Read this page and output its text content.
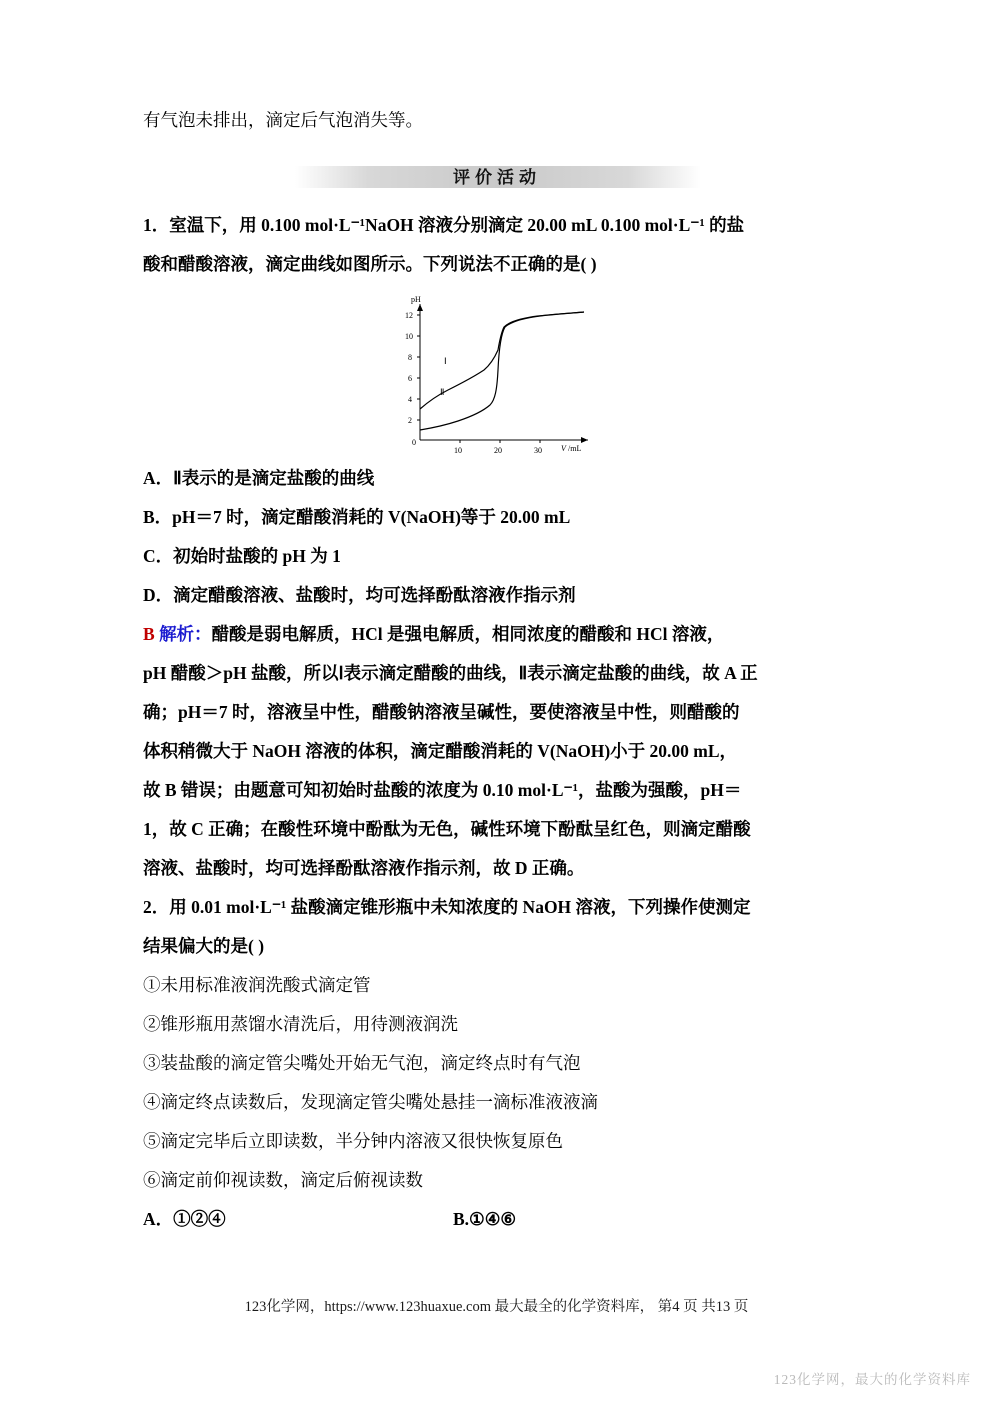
有气泡未排出，滴定后气泡消失等。
评价活动
1．室温下，用 0.100 mol·L⁻¹NaOH 溶液分别滴定 20.00 mL 0.100 mol·L⁻¹ 的盐
酸和醋酸溶液，滴定曲线如图所示。下列说法不正确的是( )
2
4
6
8
10
12
0
pH
10	20	30 V /mL
Ⅰ
Ⅱ
A．Ⅱ表示的是滴定盐酸的曲线
B．pH＝7 时，滴定醋酸消耗的 V(NaOH)等于 20.00 mL
C．初始时盐酸的 pH 为 1
D．滴定醋酸溶液、盐酸时，均可选择酚酞溶液作指示剂
B 解析：醋酸是弱电解质，HCl 是强电解质，相同浓度的醋酸和 HCl 溶液，
pH 醋酸＞pH 盐酸，所以Ⅰ表示滴定醋酸的曲线，Ⅱ表示滴定盐酸的曲线，故 A 正
确；pH＝7 时，溶液呈中性，醋酸钠溶液呈碱性，要使溶液呈中性，则醋酸的
体积稍微大于 NaOH 溶液的体积，滴定醋酸消耗的 V(NaOH)小于 20.00 mL，
故 B 错误；由题意可知初始时盐酸的浓度为 0.10 mol·L⁻¹，盐酸为强酸，pH＝
1，故 C 正确；在酸性环境中酚酞为无色，碱性环境下酚酞呈红色，则滴定醋酸
溶液、盐酸时，均可选择酚酞溶液作指示剂，故 D 正确。
2．用 0.01 mol·L⁻¹ 盐酸滴定锥形瓶中未知浓度的 NaOH 溶液，下列操作使测定
结果偏大的是( )
①未用标准液润洗酸式滴定管
②锥形瓶用蒸馏水清洗后，用待测液润洗
③装盐酸的滴定管尖嘴处开始无气泡，滴定终点时有气泡
④滴定终点读数后，发现滴定管尖嘴处悬挂一滴标准液液滴
⑤滴定完毕后立即读数，半分钟内溶液又很快恢复原色
⑥滴定前仰视读数，滴定后俯视读数
A．①②④	B.①④⑥
123化学网，https://www.123huaxue.com 最大最全的化学资料库， 第4 页 共13 页
123化学网，最大的化学资料库
